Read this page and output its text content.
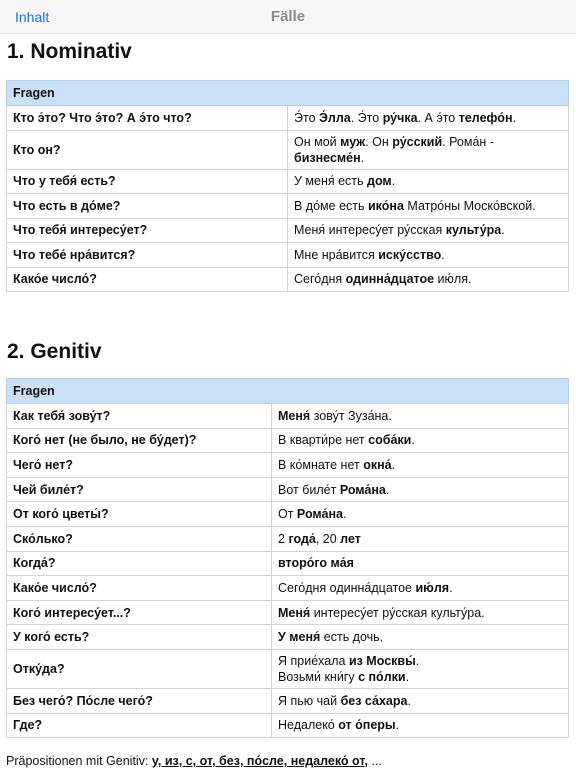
Inhalt	Fälle
1. Nominativ
Fragen	
Кто э́то? Что э́то? А э́то что?	Э́то Э́лла. Э́то ру́чка. А э́то телефо́н.
Кто он?	Он мой муж. Он ру́сский. Рома́н - бизнесме́н.
Что у тебя́ есть?	У меня́ есть дом.
Что есть в до́ме?	В до́ме есть ико́на Матро́ны Моско́вской.
Что тебя́ интересу́ет?	Меня́ интересу́ет ру́сская культу́ра.
Что тебе́ нра́вится?	Мне нра́вится иску́сство.
Како́е число́?	Сего́дня одинна́дцатое ию́ля.
2. Genitiv
Fragen	
Как тебя́ зову́т?	Меня́ зову́т Зуза́на.
Кого́ нет (не было, не бу́дет)?	В кварти́ре нет соба́ки.
Чего́ нет?	В ко́мнате нет окна́.
Чей биле́т?	Вот биле́т Рома́на.
От кого́ цветы́?	От Рома́на.
Ско́лько?	2 года́, 20 лет
Когда́?	второ́го ма́я
Како́е число́?	Сего́дня одинна́дцатое ию́ля.
Кого́ интересу́ет...?	Меня́ интересу́ет ру́сская культу́ра.
У кого́ есть?	У меня́ есть дочь.
Отку́да?	Я прие́хала из Москвы́.
Возьми́ кни́гу с по́лки.
Без чего́? По́сле чего́?	Я пью чай без са́хара.
Где?	Недалеко́ от о́перы.
Präpositionen mit Genitiv: у, из, с, от, без, по́сле, недалеко́ от, ...
